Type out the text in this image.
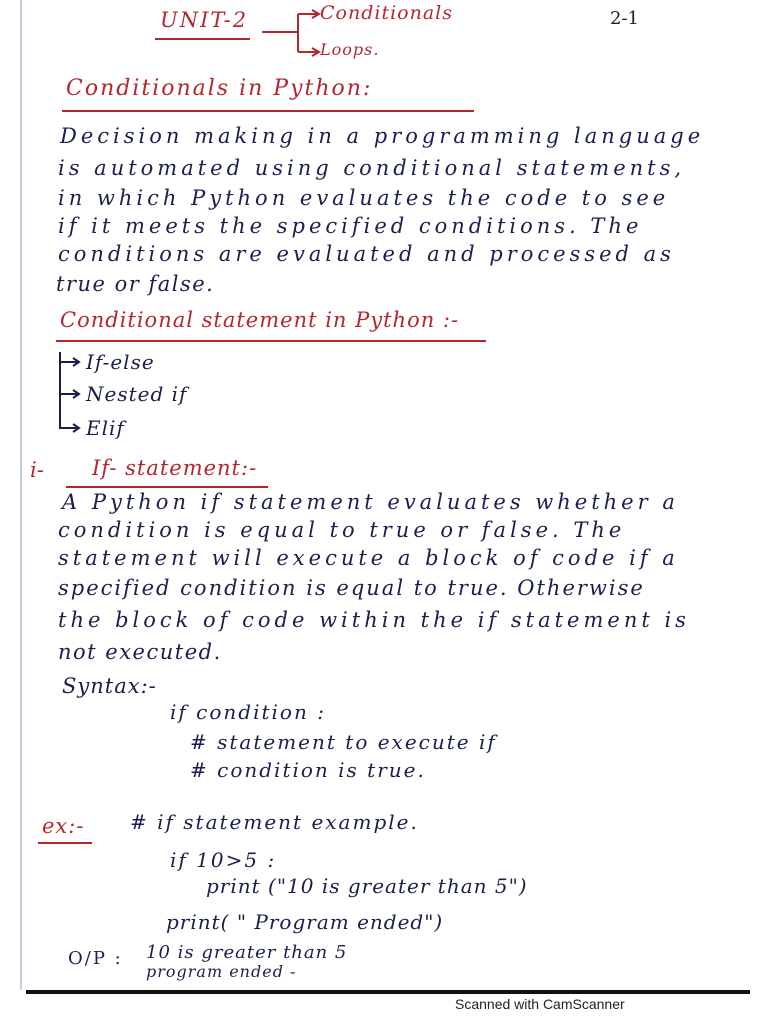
UNIT-2	Conditionals
Loops.
2-1
Conditionals in Python:
Decision making in a programming language
is automated using conditional statements,
in which Python evaluates the code to see
if it meets the specified conditions. The
conditions are evaluated and processed as
true or false.
Conditional statement in Python :-
If-else
Nested if
Elif
i- If- statement:-
A Python if statement evaluates whether a
condition is equal to true or false. The
statement will execute a block of code if a
specified condition is equal to true. Otherwise
the block of code within the if statement is
not executed.
Syntax:-
if condition :
# statement to execute if
# condition is true.
ex:- # if statement example.
if 10>5 :
print ("10 is greater than 5")
print( " Program ended")
O/P : 10 is greater than 5
program ended -
Scanned with CamScanner
